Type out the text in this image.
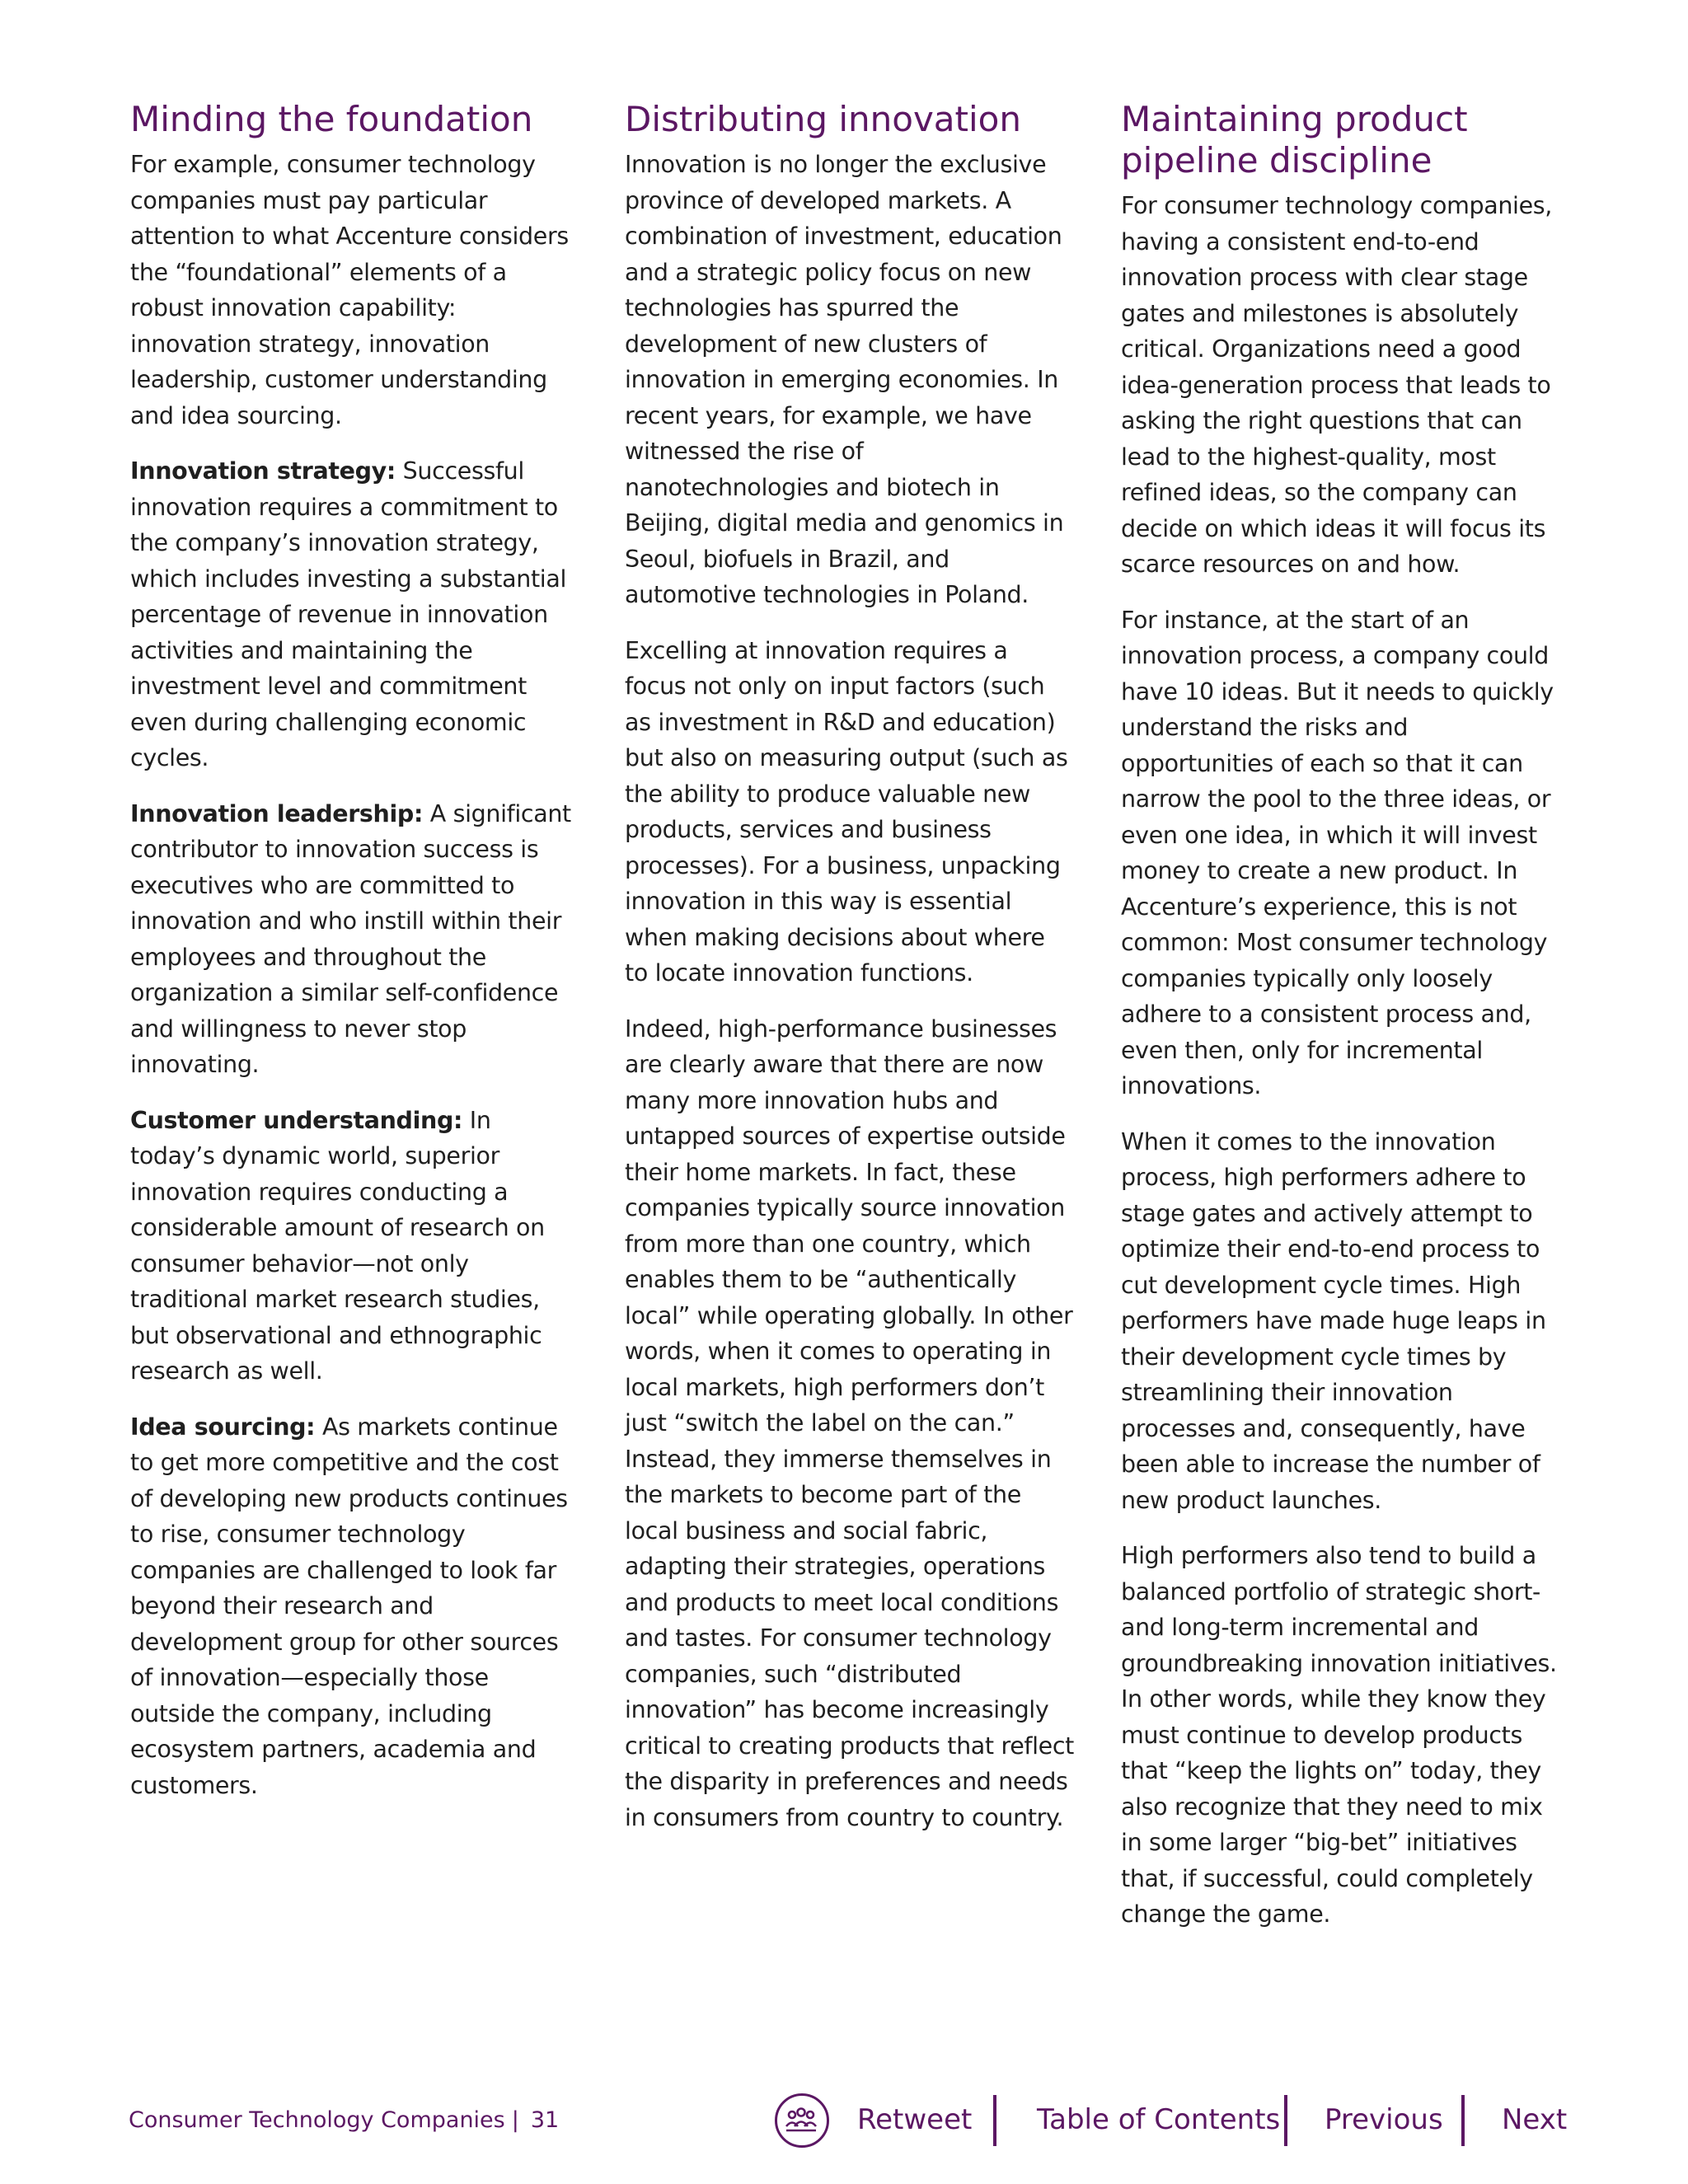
Minding the foundation

For example, consumer technology companies must pay particular attention to what Accenture considers the “foundational” elements of a robust innovation capability: innovation strategy, innovation leadership, customer understanding and idea sourcing.

Innovation strategy: Successful innovation requires a commitment to the company’s innovation strategy, which includes investing a substantial percentage of revenue in innovation activities and maintaining the investment level and commitment even during challenging economic cycles.

Innovation leadership: A significant contributor to innovation success is executives who are committed to innovation and who instill within their employees and throughout the organization a similar self-confidence and willingness to never stop innovating.

Customer understanding: In today’s dynamic world, superior innovation requires conducting a considerable amount of research on consumer behavior—not only traditional market research studies, but observational and ethnographic research as well.

Idea sourcing: As markets continue to get more competitive and the cost of developing new products continues to rise, consumer technology companies are challenged to look far beyond their research and development group for other sources of innovation—especially those outside the company, including ecosystem partners, academia and customers.

Distributing innovation

Innovation is no longer the exclusive province of developed markets. A combination of investment, education and a strategic policy focus on new technologies has spurred the development of new clusters of innovation in emerging economies. In recent years, for example, we have witnessed the rise of nanotechnologies and biotech in Beijing, digital media and genomics in Seoul, biofuels in Brazil, and automotive technologies in Poland.

Excelling at innovation requires a focus not only on input factors (such as investment in R&D and education) but also on measuring output (such as the ability to produce valuable new products, services and business processes). For a business, unpacking innovation in this way is essential when making decisions about where to locate innovation functions.

Indeed, high-performance businesses are clearly aware that there are now many more innovation hubs and untapped sources of expertise outside their home markets. In fact, these companies typically source innovation from more than one country, which enables them to be “authentically local” while operating globally. In other words, when it comes to operating in local markets, high performers don’t just “switch the label on the can.” Instead, they immerse themselves in the markets to become part of the local business and social fabric, adapting their strategies, operations and products to meet local conditions and tastes. For consumer technology companies, such “distributed innovation” has become increasingly critical to creating products that reflect the disparity in preferences and needs in consumers from country to country.

Maintaining product pipeline discipline

For consumer technology companies, having a consistent end-to-end innovation process with clear stage gates and milestones is absolutely critical. Organizations need a good idea-generation process that leads to asking the right questions that can lead to the highest-quality, most refined ideas, so the company can decide on which ideas it will focus its scarce resources on and how.

For instance, at the start of an innovation process, a company could have 10 ideas. But it needs to quickly understand the risks and opportunities of each so that it can narrow the pool to the three ideas, or even one idea, in which it will invest money to create a new product. In Accenture’s experience, this is not common: Most consumer technology companies typically only loosely adhere to a consistent process and, even then, only for incremental innovations.

When it comes to the innovation process, high performers adhere to stage gates and actively attempt to optimize their end-to-end process to cut development cycle times. High performers have made huge leaps in their development cycle times by streamlining their innovation processes and, consequently, have been able to increase the number of new product launches.

High performers also tend to build a balanced portfolio of strategic short- and long-term incremental and groundbreaking innovation initiatives. In other words, while they know they must continue to develop products that “keep the lights on” today, they also recognize that they need to mix in some larger “big-bet” initiatives that, if successful, could completely change the game.

Consumer Technology Companies | 31	Retweet Table of Contents Previous Next
